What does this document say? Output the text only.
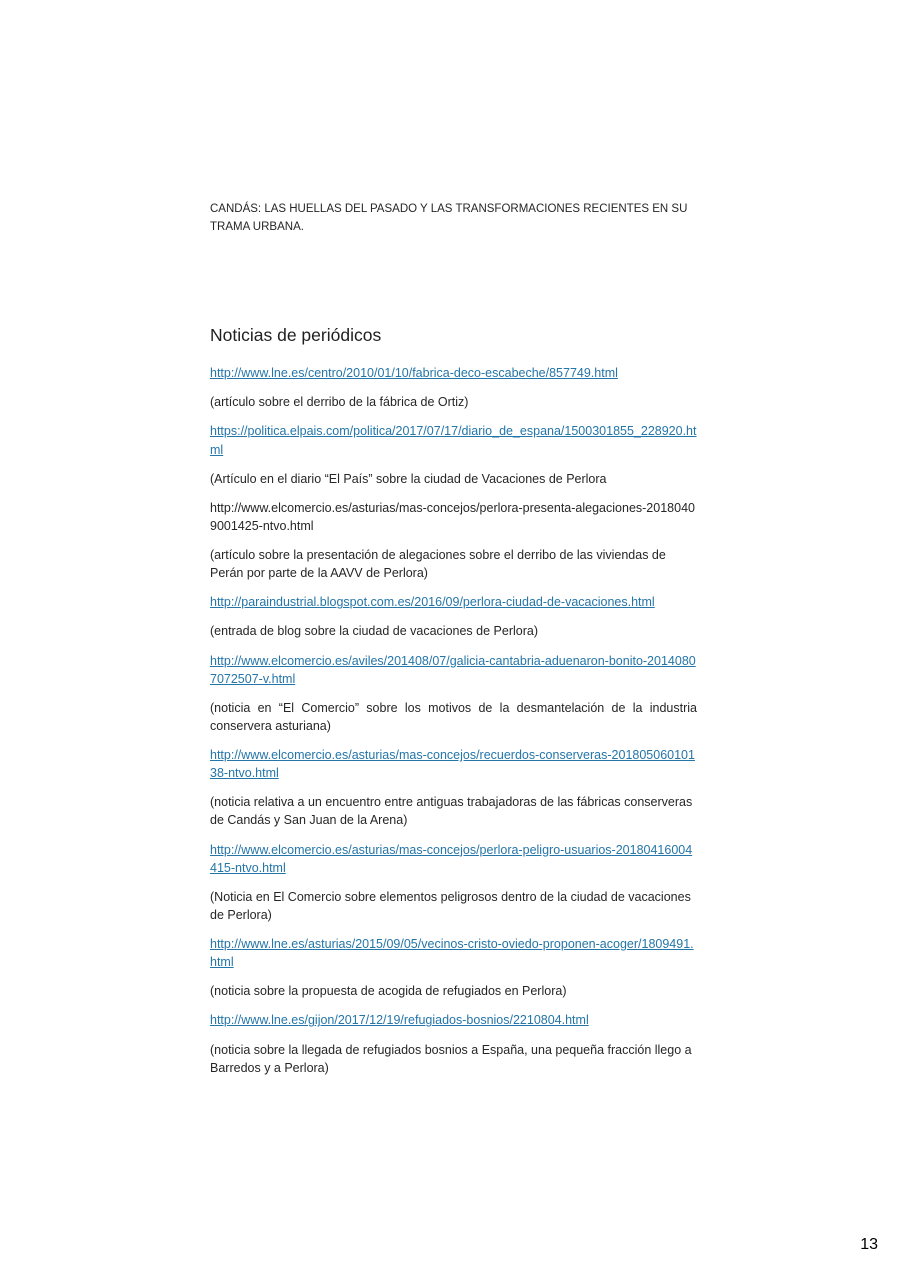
CANDÁS: LAS HUELLAS DEL PASADO Y LAS TRANSFORMACIONES RECIENTES EN SU TRAMA URBANA.
Noticias de periódicos

http://www.lne.es/centro/2010/01/10/fabrica-deco-escabeche/857749.html

(artículo sobre el derribo de la fábrica de Ortiz)

https://politica.elpais.com/politica/2017/07/17/diario_de_espana/1500301855_228920.html

(Artículo en el diario “El País” sobre la ciudad de Vacaciones de Perlora

http://www.elcomercio.es/asturias/mas-concejos/perlora-presenta-alegaciones-20180409001425-ntvo.html

(artículo sobre la presentación de alegaciones sobre el derribo de las viviendas de Perán por parte de la AAVV de Perlora)

http://paraindustrial.blogspot.com.es/2016/09/perlora-ciudad-de-vacaciones.html

(entrada de blog sobre la ciudad de vacaciones de Perlora)

http://www.elcomercio.es/aviles/201408/07/galicia-cantabria-aduenaron-bonito-20140807072507-v.html

(noticia en “El Comercio” sobre los motivos de la desmantelación de la industria conservera asturiana)

http://www.elcomercio.es/asturias/mas-concejos/recuerdos-conserveras-20180506010138-ntvo.html

(noticia relativa a un encuentro entre antiguas trabajadoras de las fábricas conserveras de Candás y San Juan de la Arena)

http://www.elcomercio.es/asturias/mas-concejos/perlora-peligro-usuarios-20180416004415-ntvo.html

(Noticia en El Comercio sobre elementos peligrosos dentro de la ciudad de vacaciones de Perlora)

http://www.lne.es/asturias/2015/09/05/vecinos-cristo-oviedo-proponen-acoger/1809491.html

(noticia sobre la propuesta de acogida de refugiados en Perlora)

http://www.lne.es/gijon/2017/12/19/refugiados-bosnios/2210804.html

(noticia sobre la llegada de refugiados bosnios a España, una pequeña fracción llego a Barredos y a Perlora)

13
